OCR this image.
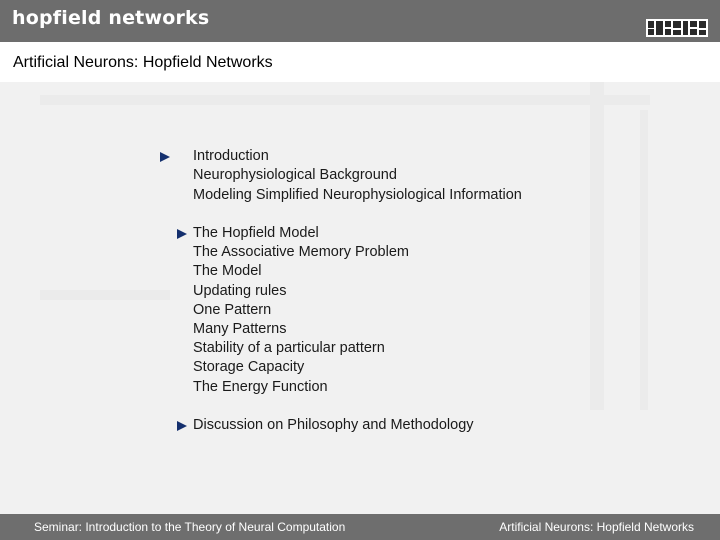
hopfield networks
Artificial Neurons: Hopfield Networks
Introduction
Neurophysiological Background
Modeling Simplified Neurophysiological Information
The Hopfield Model
The Associative Memory Problem
The Model
Updating rules
One Pattern
Many Patterns
Stability of a particular pattern
Storage Capacity
The Energy Function
Discussion on Philosophy and Methodology
Seminar: Introduction to the Theory of Neural Computation	Artificial Neurons: Hopfield Networks
